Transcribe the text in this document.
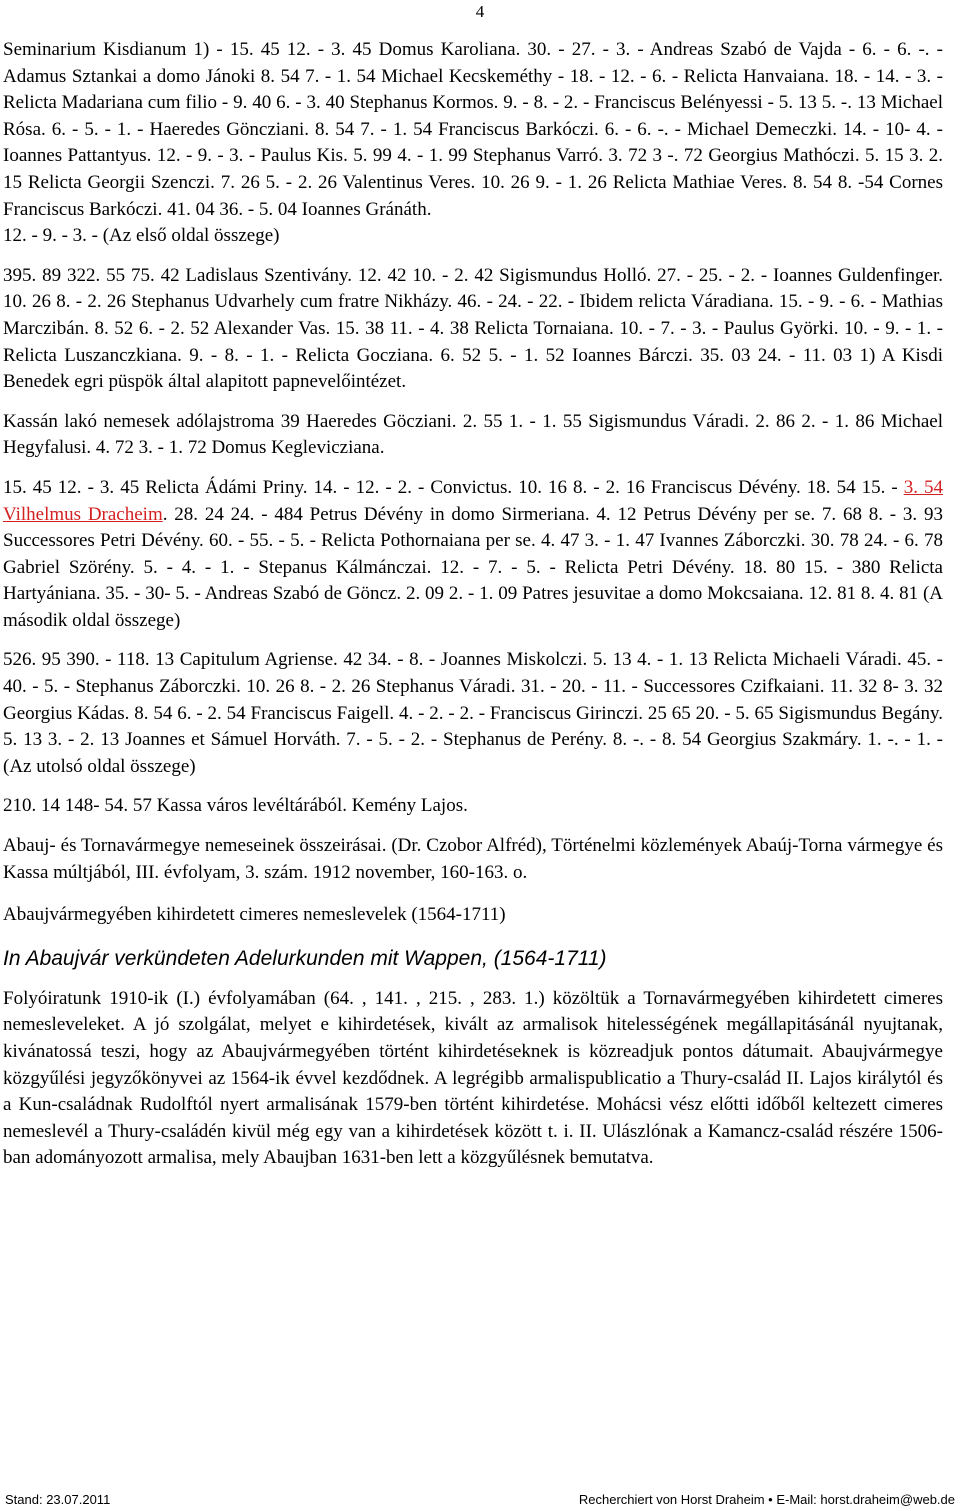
4

Seminarium Kisdianum 1) - 15. 45 12. - 3. 45 Domus Karoliana. 30. - 27. - 3. - Andreas Szabó de Vajda - 6. - 6. -. - Adamus Sztankai a domo Jánoki 8. 54 7. - 1. 54 Michael Kecskeméthy - 18. - 12. - 6. - Relicta Hanvaiana. 18. - 14. - 3. - Relicta Madariana cum filio - 9. 40 6. - 3. 40 Stephanus Kormos. 9. - 8. - 2. - Franciscus Belényessi - 5. 13 5. -. 13 Michael Rósa. 6. - 5. - 1. - Haeredes Göncziani. 8. 54 7. - 1. 54 Franciscus Barkóczi. 6. - 6. -. - Michael Demeczki. 14. - 10- 4. - Ioannes Pattantyus. 12. - 9. - 3. - Paulus Kis. 5. 99 4. - 1. 99 Stephanus Varró. 3. 72 3 -. 72 Georgius Mathóczi. 5. 15 3. 2. 15 Relicta Georgii Szenczi. 7. 26 5. - 2. 26 Valentinus Veres. 10. 26 9. - 1. 26 Relicta Mathiae Veres. 8. 54 8. -54 Cornes Franciscus Barkóczi. 41. 04 36. - 5. 04 Ioannes Gránáth.

12. - 9. - 3. - (Az első oldal összege)

395. 89 322. 55 75. 42 Ladislaus Szentivány. 12. 42 10. - 2. 42 Sigismundus Holló. 27. - 25. - 2. - Ioannes Guldenfinger. 10. 26 8. - 2. 26 Stephanus Udvarhely cum fratre Nikházy. 46. - 24. - 22. - Ibidem relicta Váradiana. 15. - 9. - 6. - Mathias Marczibán. 8. 52 6. - 2. 52 Alexander Vas. 15. 38 11. - 4. 38 Relicta Tornaiana. 10. - 7. - 3. - Paulus Györki. 10. - 9. - 1. - Relicta Luszanczkiana. 9. - 8. - 1. - Relicta Gocziana. 6. 52 5. - 1. 52 Ioannes Bárczi. 35. 03 24. - 11. 03 1) A Kisdi Benedek egri püspök által alapitott papnevelőintézet.

Kassán lakó nemesek adólajstroma 39 Haeredes Göcziani. 2. 55 1. - 1. 55 Sigismundus Váradi. 2. 86 2. - 1. 86 Michael Hegyfalusi. 4. 72 3. - 1. 72 Domus Keglevicziana.

15. 45 12. - 3. 45 Relicta Ádámi Priny. 14. - 12. - 2. - Convictus. 10. 16 8. - 2. 16 Franciscus Dévény. 18. 54 15. - 3. 54 Vilhelmus Dracheim. 28. 24 24. - 484 Petrus Dévény in domo Sirmeriana. 4. 12 Petrus Dévény per se. 7. 68 8. - 3. 93 Successores Petri Dévény. 60. - 55. - 5. - Relicta Pothornaiana per se. 4. 47 3. - 1. 47 Ivannes Záborczki. 30. 78 24. - 6. 78 Gabriel Szörény. 5. - 4. - 1. - Stepanus Kálmánczai. 12. - 7. - 5. - Relicta Petri Dévény. 18. 80 15. - 380 Relicta Hartyániana. 35. - 30- 5. - Andreas Szabó de Göncz. 2. 09 2. - 1. 09 Patres jesuvitae a domo Mokcsaiana. 12. 81 8. 4. 81 (A második oldal összege)

526. 95 390. - 118. 13 Capitulum Agriense. 42 34. - 8. - Joannes Miskolczi. 5. 13 4. - 1. 13 Relicta Michaeli Váradi. 45. - 40. - 5. - Stephanus Záborczki. 10. 26 8. - 2. 26 Stephanus Váradi. 31. - 20. - 11. - Successores Czifkaiani. 11. 32 8- 3. 32 Georgius Kádas. 8. 54 6. - 2. 54 Franciscus Faigell. 4. - 2. - 2. - Franciscus Girinczi. 25 65 20. - 5. 65 Sigismundus Begány. 5. 13 3. - 2. 13 Joannes et Sámuel Horváth. 7. - 5. - 2. - Stephanus de Perény. 8. -. - 8. 54 Georgius Szakmáry. 1. -. - 1. - (Az utolsó oldal összege)

210. 14 148- 54. 57 Kassa város levéltárából. Kemény Lajos.

Abauj- és Tornavármegye nemeseinek összeirásai. (Dr. Czobor Alfréd), Történelmi közlemények Abaúj-Torna vármegye és Kassa múltjából, III. évfolyam, 3. szám. 1912 november, 160-163. o.

Abaujvármegyében kihirdetett cimeres nemeslevelek (1564-1711)

In Abaujvár verkündeten Adelurkunden mit Wappen, (1564-1711)

Folyóiratunk 1910-ik (I.) évfolyamában (64. , 141. , 215. , 283. 1.) közöltük a Tornavármegyében kihirdetett cimeres nemesleveleket. A jó szolgálat, melyet e kihirdetések, kivált az armalisok hitelességének megállapitásánál nyujtanak, kivánatossá teszi, hogy az Abaujvármegyében történt kihirdetéseknek is közreadjuk pontos dátumait. Abaujvármegye közgyűlési jegyzőkönyvei az 1564-ik évvel kezdődnek. A legrégibb armalispublicatio a Thury-család II. Lajos királytól és a Kun-családnak Rudolftól nyert armalisának 1579-ben történt kihirdetése. Mohácsi vész előtti időből keltezett cimeres nemeslevél a Thury-családén kivül még egy van a kihirdetések között t. i. II. Ulászlónak a Kamancz-család részére 1506-ban adományozott armalisa, mely Abaujban 1631-ben lett a közgyűlésnek bemutatva.

Stand: 23.07.2011	Recherchiert von Horst Draheim • E-Mail: horst.draheim@web.de
